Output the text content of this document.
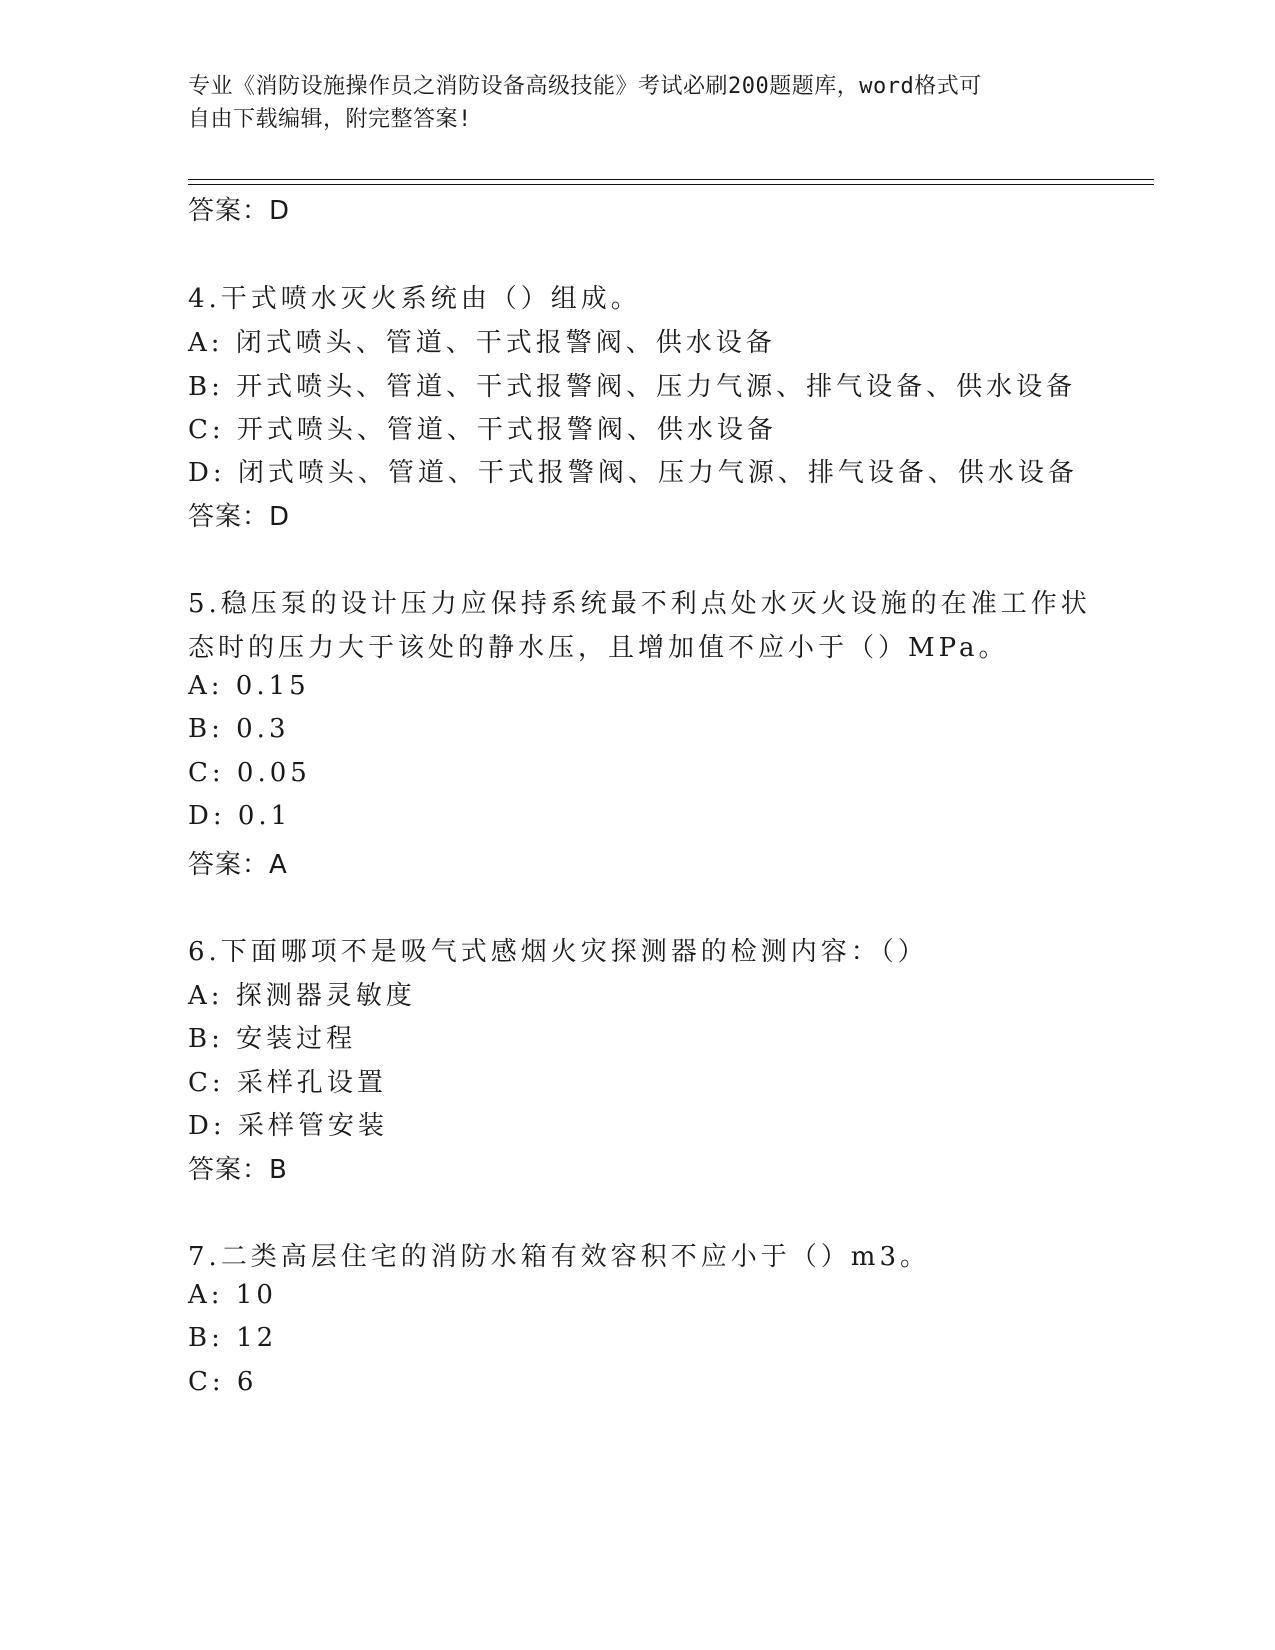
专业《消防设施操作员之消防设备高级技能》考试必刷200题题库，word格式可
自由下载编辑，附完整答案!
答案：D
4.干式喷水灭火系统由（）组成。
A: 闭式喷头、管道、干式报警阀、供水设备
B: 开式喷头、管道、干式报警阀、压力气源、排气设备、供水设备
C: 开式喷头、管道、干式报警阀、供水设备
D: 闭式喷头、管道、干式报警阀、压力气源、排气设备、供水设备
答案：D
5.稳压泵的设计压力应保持系统最不利点处水灭火设施的在准工作状
态时的压力大于该处的静水压，且增加值不应小于（）MPa。
A: 0.15
B: 0.3
C: 0.05
D: 0.1
答案：A
6.下面哪项不是吸气式感烟火灾探测器的检测内容：（）
A: 探测器灵敏度
B: 安装过程
C: 采样孔设置
D: 采样管安装
答案：B
7.二类高层住宅的消防水箱有效容积不应小于（）m3。
A: 10
B: 12
C: 6
